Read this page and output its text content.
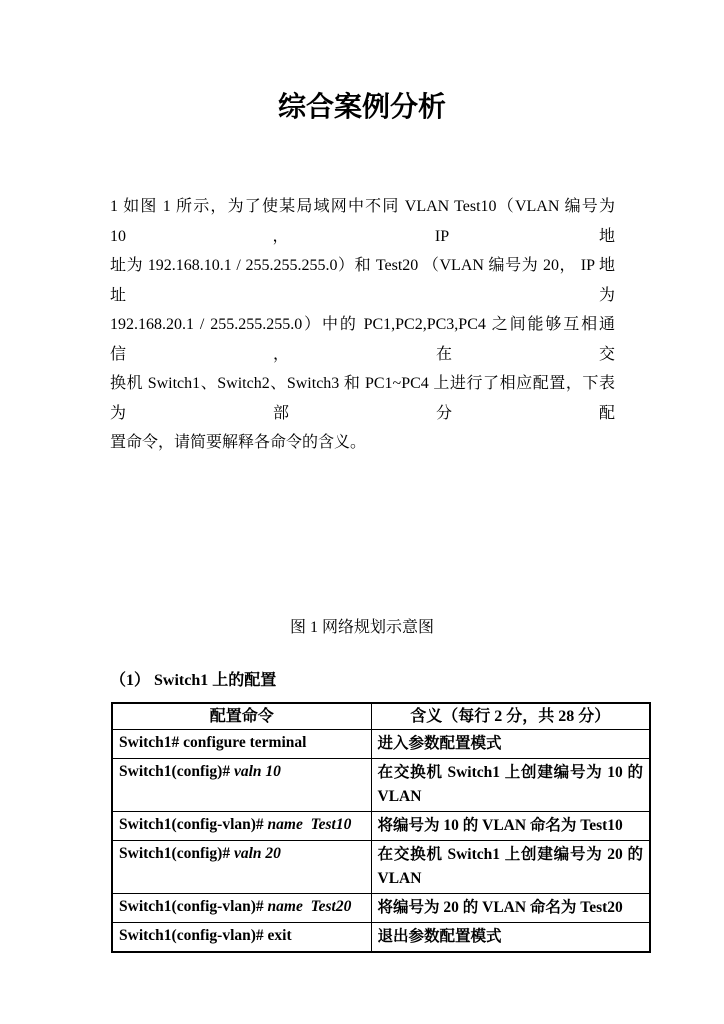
综合案例分析
1 如图 1 所示，为了使某局域网中不同 VLAN Test10（VLAN 编号为 10，IP 地
址为 192.168.10.1 / 255.255.255.0）和 Test20 （VLAN 编号为 20， IP 地址为
192.168.20.1 / 255.255.255.0）中的 PC1,PC2,PC3,PC4 之间能够互相通信，在交
换机 Switch1、Switch2、Switch3 和 PC1~PC4 上进行了相应配置，下表为部分配
置命令，请简要解释各命令的含义。
图 1 网络规划示意图
（1） Switch1 上的配置
配置命令	含义（每行 2 分，共 28 分）
Switch1# configure terminal	进入参数配置模式

Switch1(config)# valn 10	在交换机 Switch1 上创建编号为 10 的
VLAN

Switch1(config-vlan)# name  Test10	将编号为 10 的 VLAN 命名为 Test10

Switch1(config)# valn 20	在交换机 Switch1 上创建编号为 20 的
VLAN

Switch1(config-vlan)# name  Test20	将编号为 20 的 VLAN 命名为 Test20

Switch1(config-vlan)# exit	退出参数配置模式
